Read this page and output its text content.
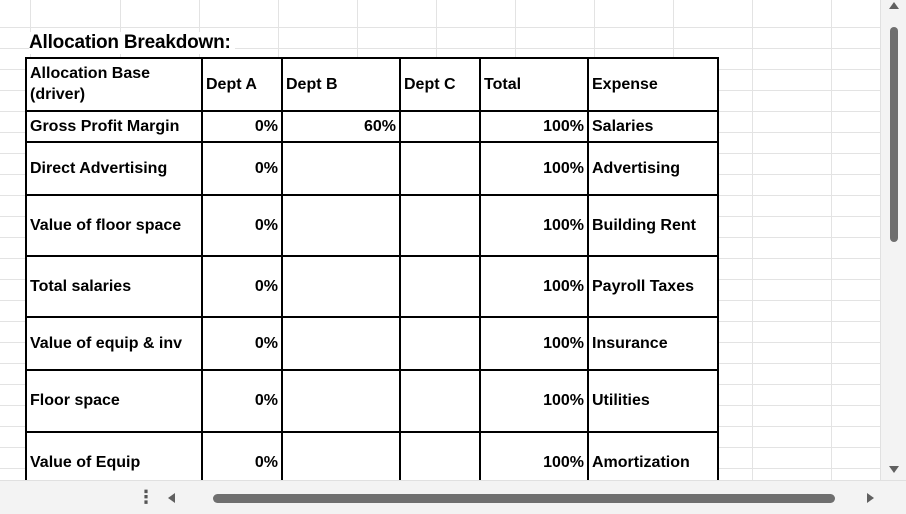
Allocation Breakdown:
Allocation Base (driver)	Dept A	Dept B	Dept C	Total	Expense
Gross Profit Margin	0%	60%		100%	Salaries
Direct Advertising	0%			100%	Advertising
Value of floor space	0%			100%	Building Rent
Total salaries	0%			100%	Payroll Taxes
Value of equip & inv	0%			100%	Insurance
Floor space	0%			100%	Utilities
Value of Equip	0%			100%	Amortization
⋮
